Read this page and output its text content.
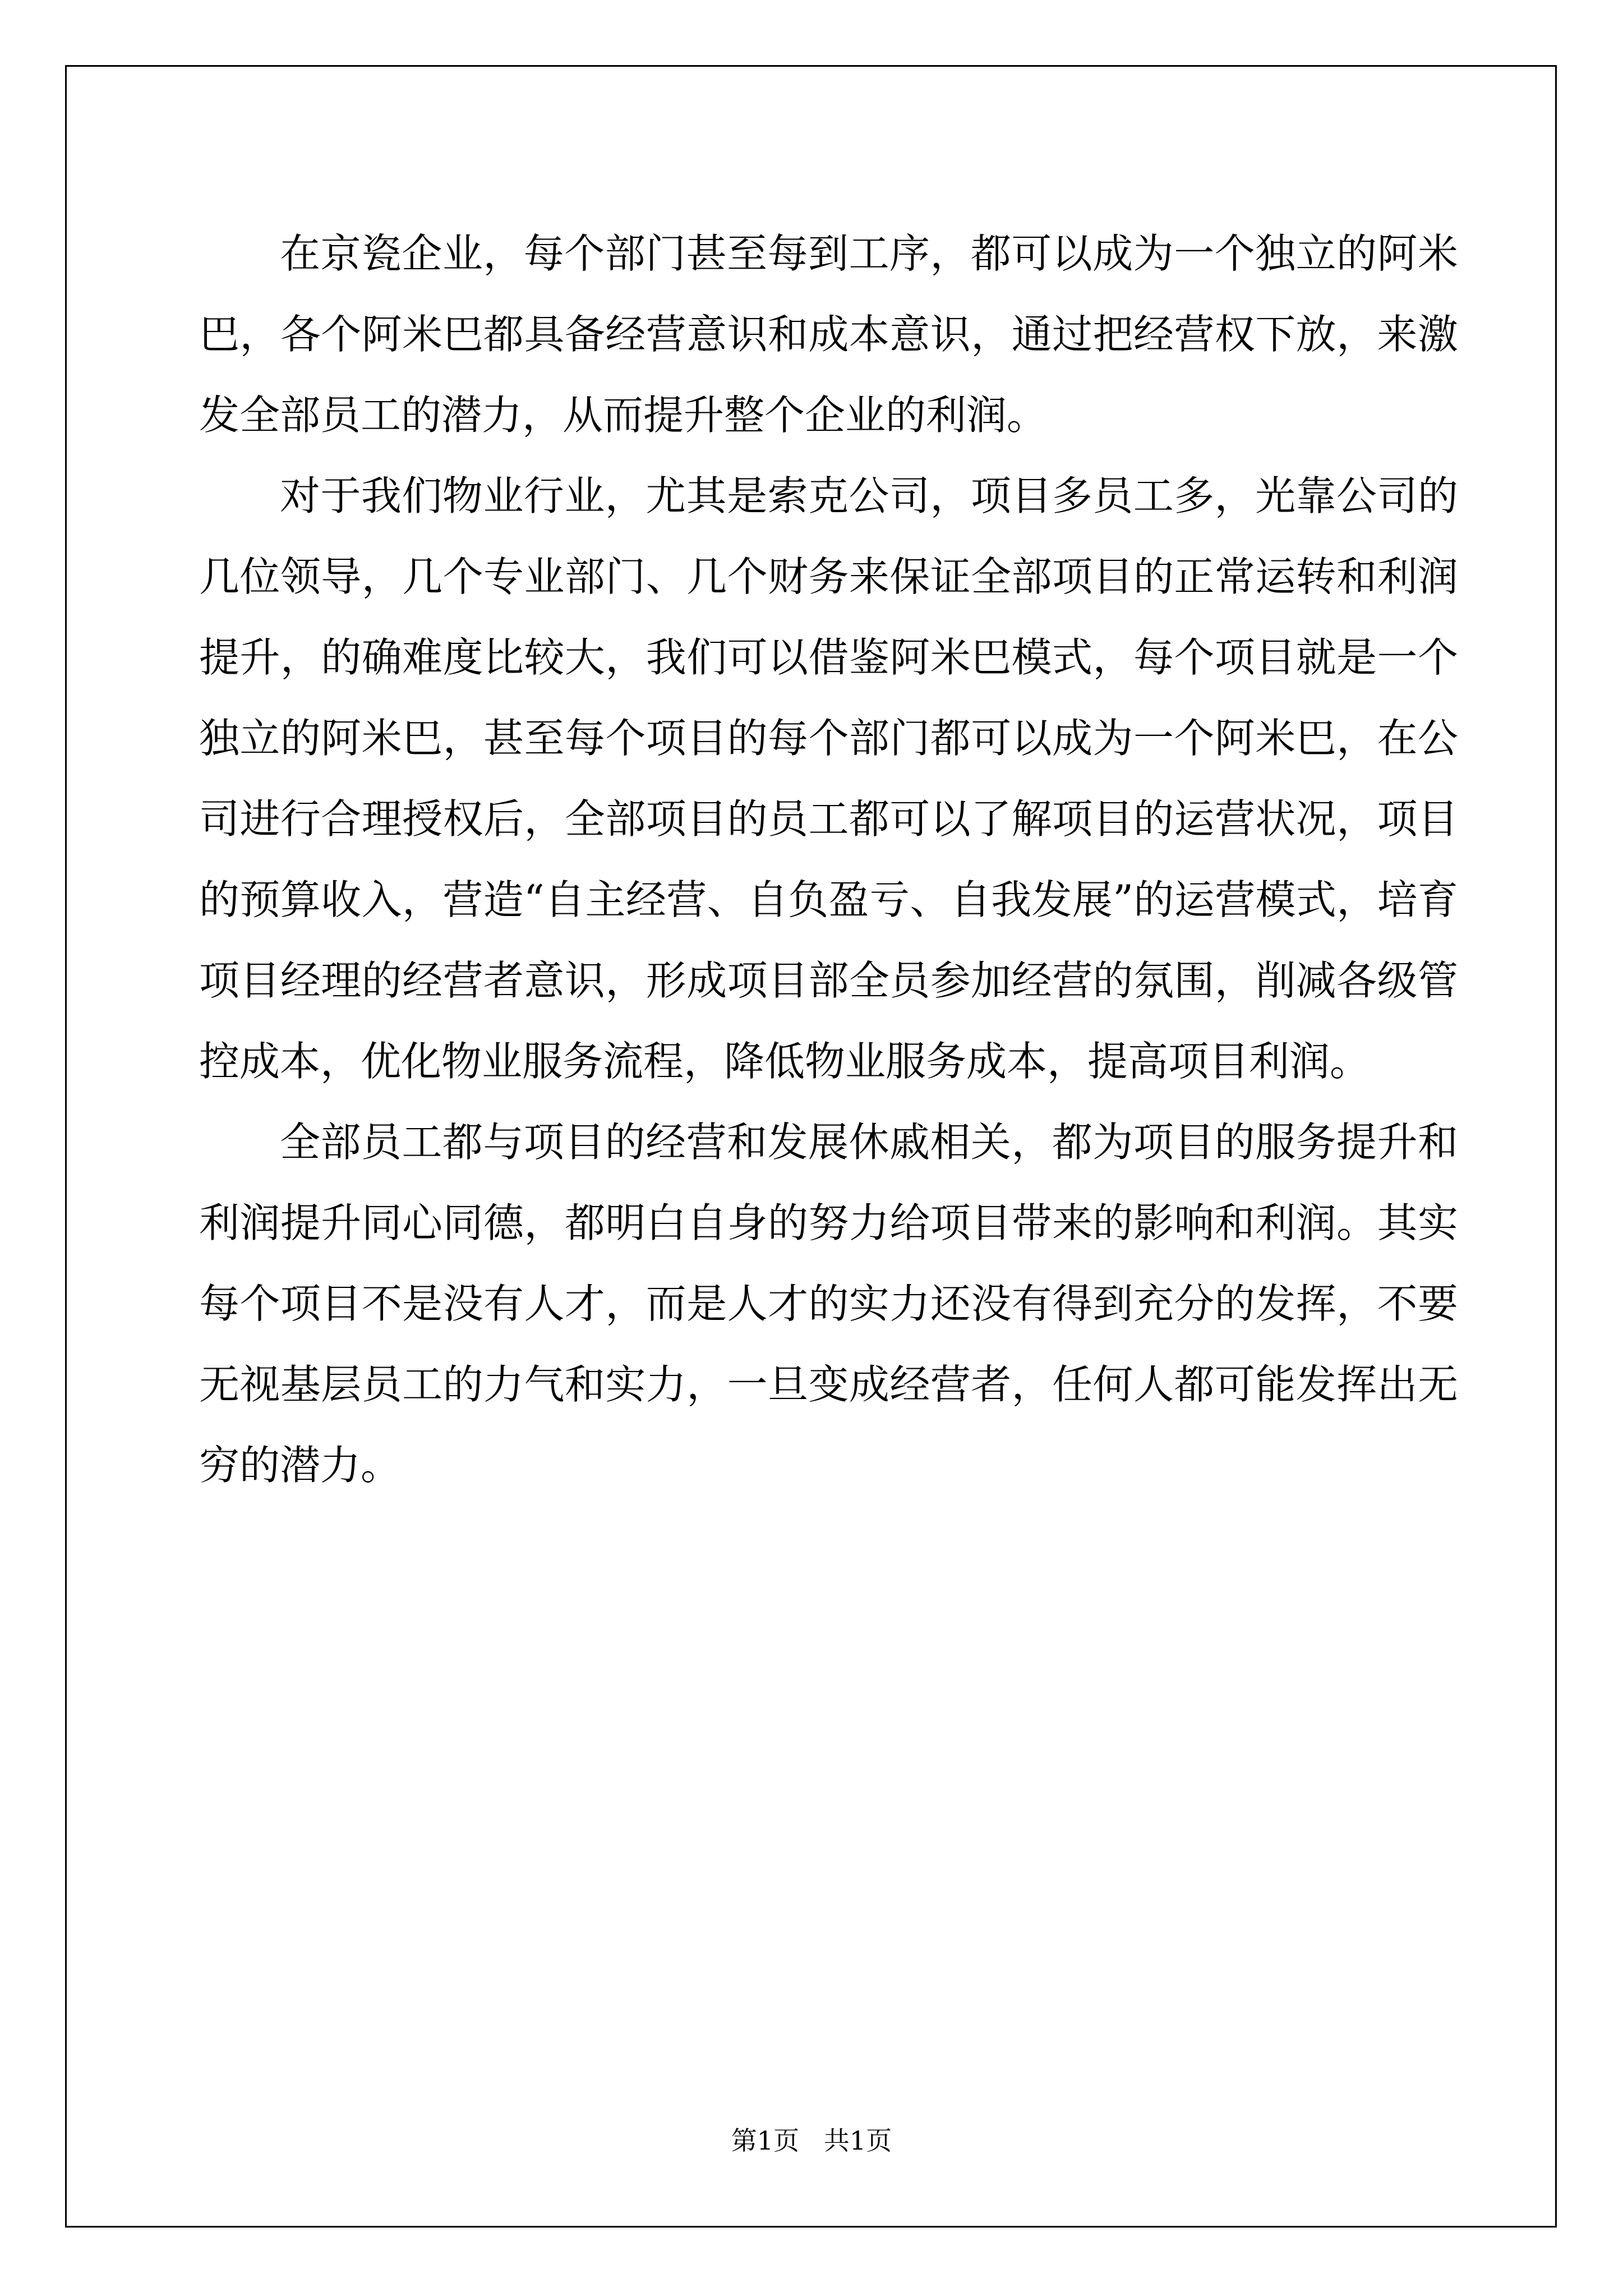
在京瓷企业，每个部门甚至每到工序，都可以成为一个独立的阿米巴，各个阿米巴都具备经营意识和成本意识，通过把经营权下放，来激发全部员工的潜力，从而提升整个企业的利润。

对于我们物业行业，尤其是索克公司，项目多员工多，光靠公司的几位领导，几个专业部门、几个财务来保证全部项目的正常运转和利润提升，的确难度比较大，我们可以借鉴阿米巴模式，每个项目就是一个独立的阿米巴，甚至每个项目的每个部门都可以成为一个阿米巴，在公司进行合理授权后，全部项目的员工都可以了解项目的运营状况，项目的预算收入，营造“自主经营、自负盈亏、自我发展”的运营模式，培育项目经理的经营者意识，形成项目部全员参加经营的氛围，削减各级管控成本，优化物业服务流程，降低物业服务成本，提高项目利润。

全部员工都与项目的经营和发展休戚相关，都为项目的服务提升和利润提升同心同德，都明白自身的努力给项目带来的影响和利润。其实每个项目不是没有人才，而是人才的实力还没有得到充分的发挥，不要无视基层员工的力气和实力，一旦变成经营者，任何人都可能发挥出无穷的潜力。

第1页   共1页
